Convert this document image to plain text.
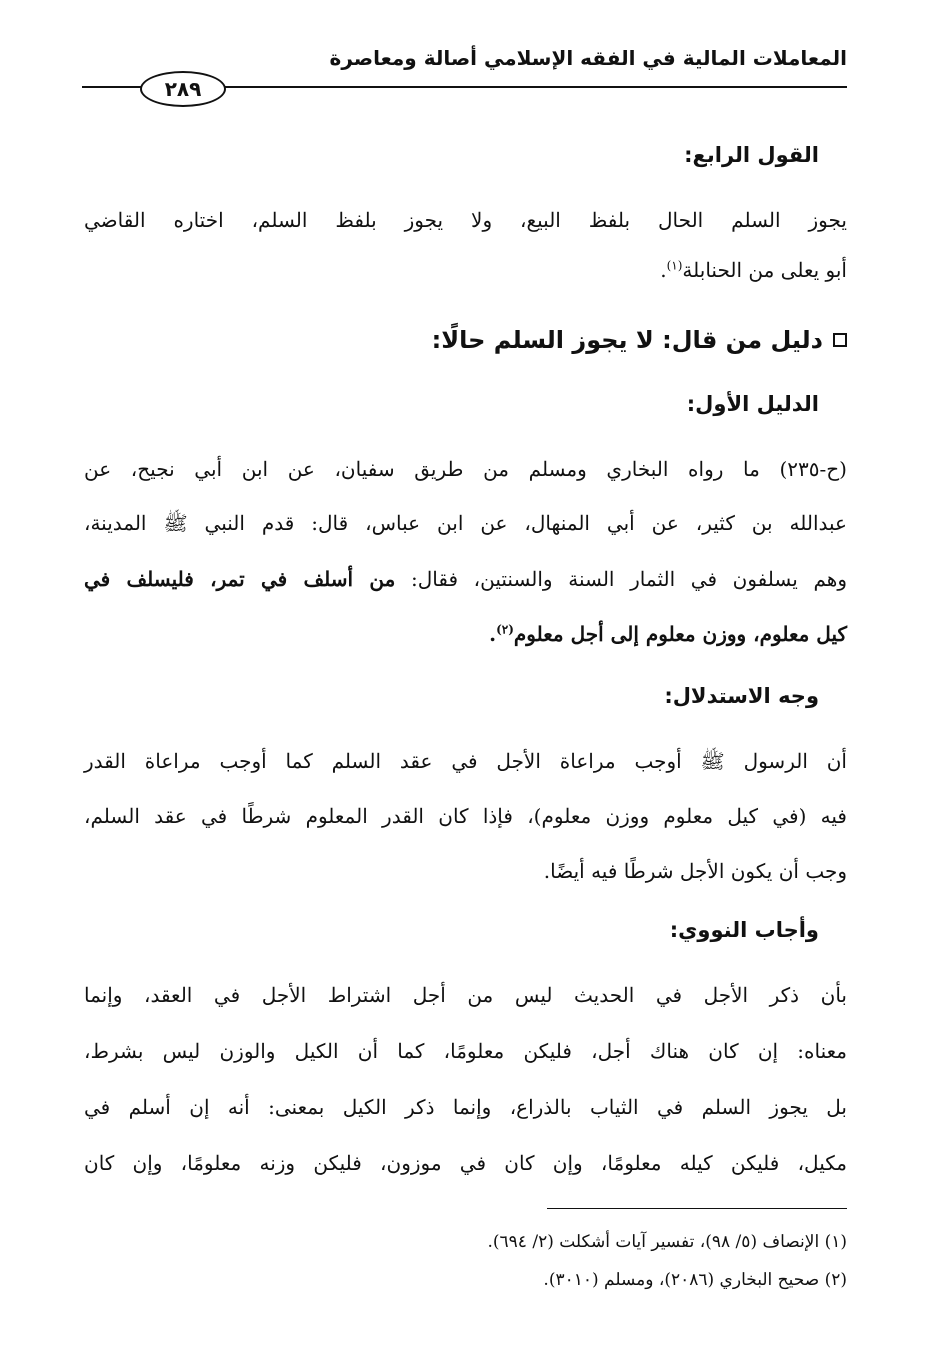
المعاملات المالية في الفقه الإسلامي أصالة ومعاصرة
٢٨٩
القول الرابع:
يجوز السلم الحال بلفظ البيع، ولا يجوز بلفظ السلم، اختاره القاضي
أبو يعلى من الحنابلة$^{(١)}$.
دليل من قال: لا يجوز السلم حالًا:
الدليل الأول:
(ح-٢٣٥) ما رواه البخاري ومسلم من طريق سفيان، عن ابن أبي نجيح، عن
عبدالله بن كثير، عن أبي المنهال، عن ابن عباس، قال: قدم النبي ﷺ المدينة،
وهم يسلفون في الثمار السنة والسنتين، فقال: من أسلف في تمر، فليسلف في
كيل معلوم، ووزن معلوم إلى أجل معلوم$^{(٢)}$.
وجه الاستدلال:
أن الرسول ﷺ أوجب مراعاة الأجل في عقد السلم كما أوجب مراعاة القدر
فيه (في كيل معلوم ووزن معلوم)، فإذا كان القدر المعلوم شرطًا في عقد السلم،
وجب أن يكون الأجل شرطًا فيه أيضًا.
وأجاب النووي:
بأن ذكر الأجل في الحديث ليس من أجل اشتراط الأجل في العقد، وإنما
معناه: إن كان هناك أجل، فليكن معلومًا، كما أن الكيل والوزن ليس بشرط،
بل يجوز السلم في الثياب بالذراع، وإنما ذكر الكيل بمعنى: أنه إن أسلم في
مكيل، فليكن كيله معلومًا، وإن كان في موزون، فليكن وزنه معلومًا، وإن كان
(١) الإنصاف (٥/ ٩٨)، تفسير آيات أشكلت (٢/ ٦٩٤).
(٢) صحيح البخاري (٢٠٨٦)، ومسلم (٣٠١٠).
